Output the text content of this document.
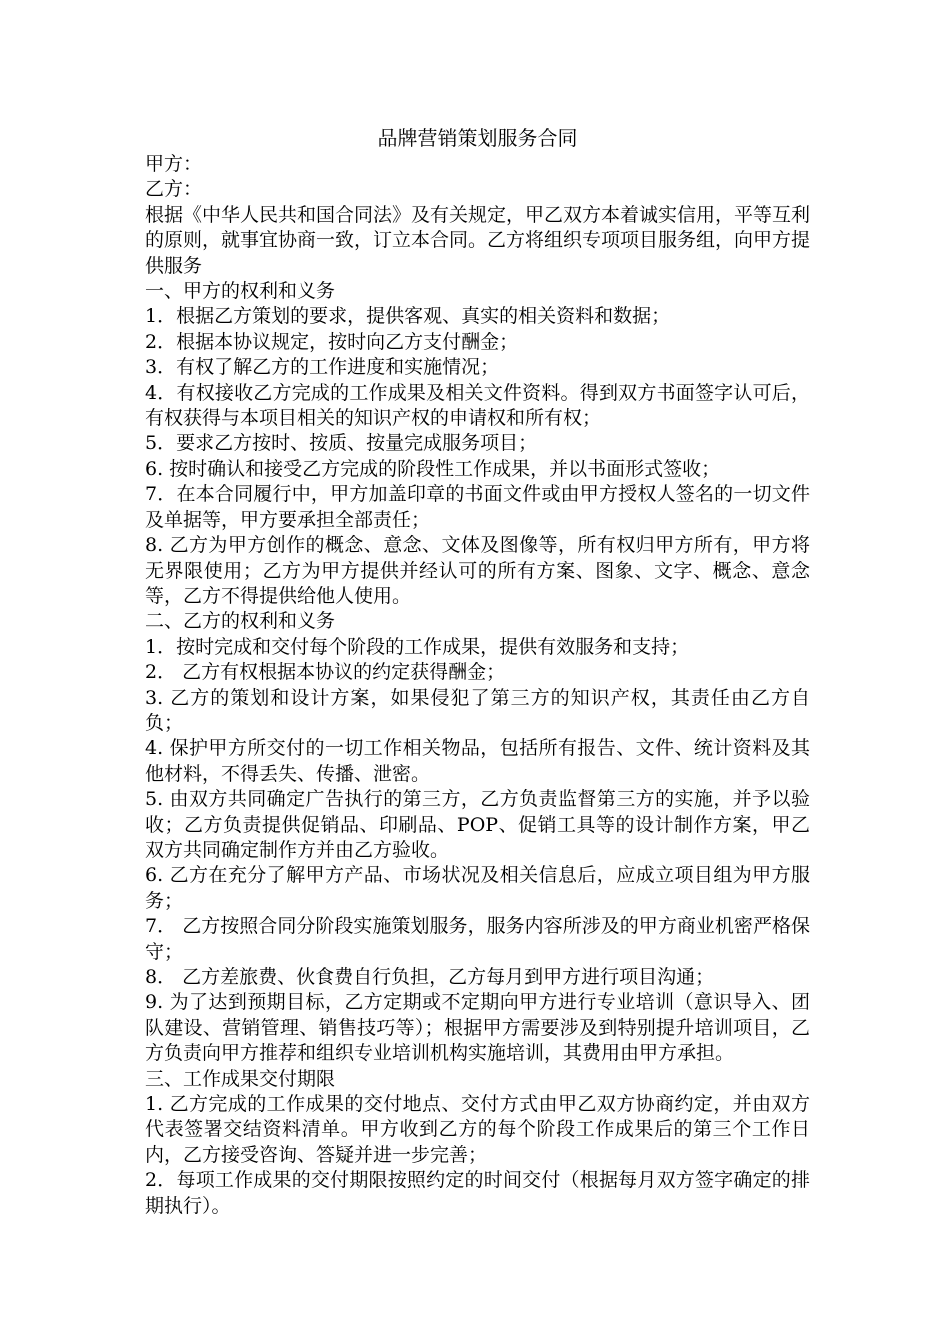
品牌营销策划服务合同

甲方：

乙方：

根据《中华人民共和国合同法》及有关规定，甲乙双方本着诚实信用，平等互利的原则，就事宜协商一致，订立本合同。乙方将组织专项项目服务组，向甲方提供服务

一、甲方的权利和义务

1．根据乙方策划的要求，提供客观、真实的相关资料和数据；

2．根据本协议规定，按时向乙方支付酬金；

3．有权了解乙方的工作进度和实施情况；

4．有权接收乙方完成的工作成果及相关文件资料。得到双方书面签字认可后，有权获得与本项目相关的知识产权的申请权和所有权；

5．要求乙方按时、按质、按量完成服务项目；

6. 按时确认和接受乙方完成的阶段性工作成果，并以书面形式签收；

7．在本合同履行中，甲方加盖印章的书面文件或由甲方授权人签名的一切文件及单据等，甲方要承担全部责任；

8. 乙方为甲方创作的概念、意念、文体及图像等，所有权归甲方所有，甲方将无界限使用；乙方为甲方提供并经认可的所有方案、图象、文字、概念、意念等，乙方不得提供给他人使用。

二、乙方的权利和义务

1．按时完成和交付每个阶段的工作成果，提供有效服务和支持；

2． 乙方有权根据本协议的约定获得酬金；

3. 乙方的策划和设计方案，如果侵犯了第三方的知识产权，其责任由乙方自负；

4. 保护甲方所交付的一切工作相关物品，包括所有报告、文件、统计资料及其他材料，不得丢失、传播、泄密。

5. 由双方共同确定广告执行的第三方，乙方负责监督第三方的实施，并予以验收；乙方负责提供促销品、印刷品、POP、促销工具等的设计制作方案，甲乙双方共同确定制作方并由乙方验收。

6. 乙方在充分了解甲方产品、市场状况及相关信息后，应成立项目组为甲方服务；

7． 乙方按照合同分阶段实施策划服务，服务内容所涉及的甲方商业机密严格保守；

8． 乙方差旅费、伙食费自行负担，乙方每月到甲方进行项目沟通；

9. 为了达到预期目标，乙方定期或不定期向甲方进行专业培训（意识导入、团队建设、营销管理、销售技巧等）；根据甲方需要涉及到特别提升培训项目，乙方负责向甲方推荐和组织专业培训机构实施培训，其费用由甲方承担。

三、工作成果交付期限

1. 乙方完成的工作成果的交付地点、交付方式由甲乙双方协商约定，并由双方代表签署交结资料清单。甲方收到乙方的每个阶段工作成果后的第三个工作日内，乙方接受咨询、答疑并进一步完善；

2．每项工作成果的交付期限按照约定的时间交付（根据每月双方签字确定的排期执行）。
